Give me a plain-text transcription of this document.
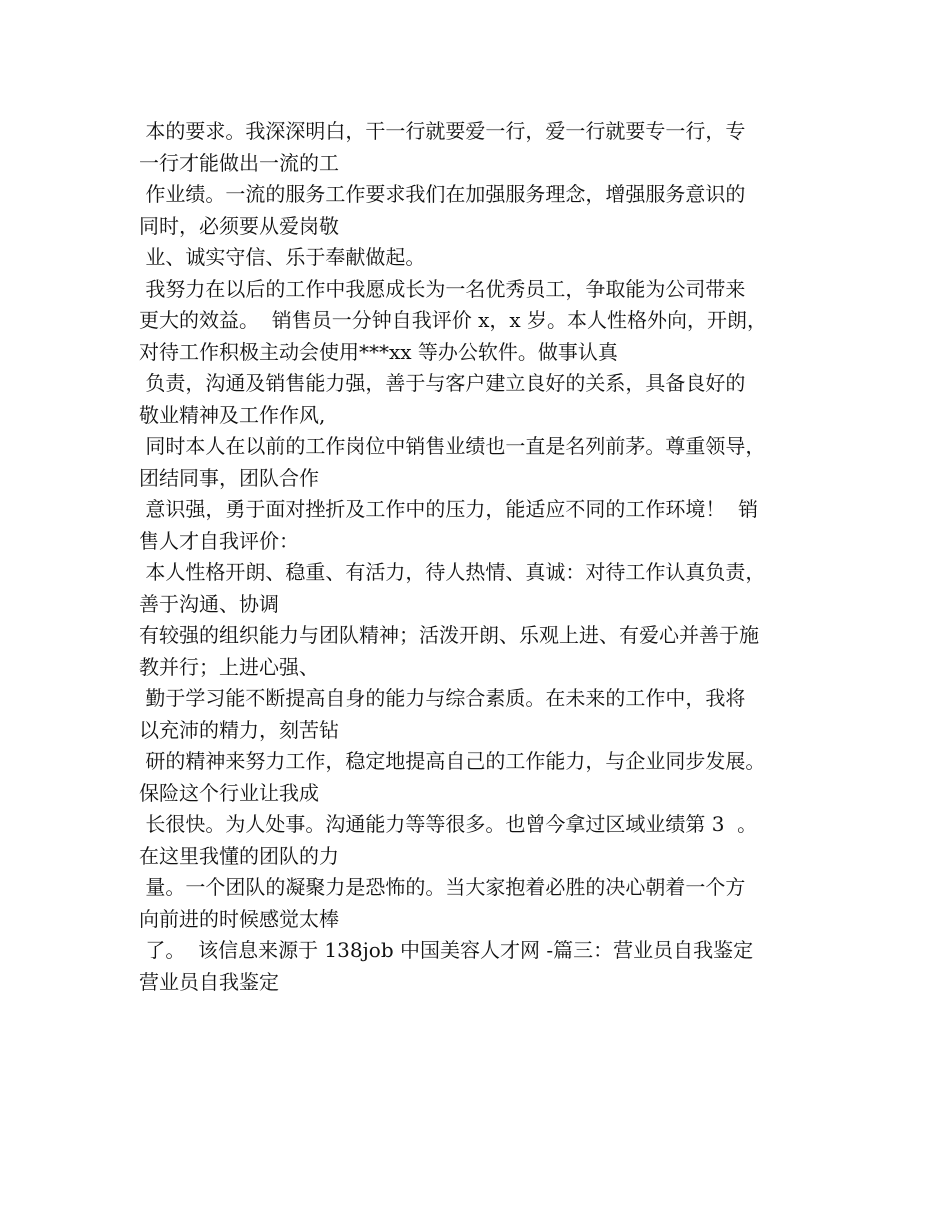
本的要求。我深深明白，干一行就要爱一行，爱一行就要专一行，专
一行才能做出一流的工
作业绩。一流的服务工作要求我们在加强服务理念，增强服务意识的
同时，必须要从爱岗敬
业、诚实守信、乐于奉献做起。
我努力在以后的工作中我愿成长为一名优秀员工，争取能为公司带来
更大的效益。  销售员一分钟自我评价 x，x 岁。本人性格外向，开朗，
对待工作积极主动会使用***xx 等办公软件。做事认真
负责，沟通及销售能力强，善于与客户建立良好的关系，具备良好的
敬业精神及工作作风,
同时本人在以前的工作岗位中销售业绩也一直是名列前茅。尊重领导，
团结同事，团队合作
意识强，勇于面对挫折及工作中的压力，能适应不同的工作环境！  销
售人才自我评价：
本人性格开朗、稳重、有活力，待人热情、真诚：对待工作认真负责，
善于沟通、协调
有较强的组织能力与团队精神；活泼开朗、乐观上进、有爱心并善于施
教并行；上进心强、
勤于学习能不断提高自身的能力与综合素质。在未来的工作中，我将
以充沛的精力，刻苦钻
研的精神来努力工作，稳定地提高自己的工作能力，与企业同步发展。
保险这个行业让我成
长很快。为人处事。沟通能力等等很多。也曾今拿过区域业绩第 3  。
在这里我懂的团队的力
量。一个团队的凝聚力是恐怖的。当大家抱着必胜的决心朝着一个方
向前进的时候感觉太棒
了。  该信息来源于 138job 中国美容人才网 -篇三：营业员自我鉴定
营业员自我鉴定
